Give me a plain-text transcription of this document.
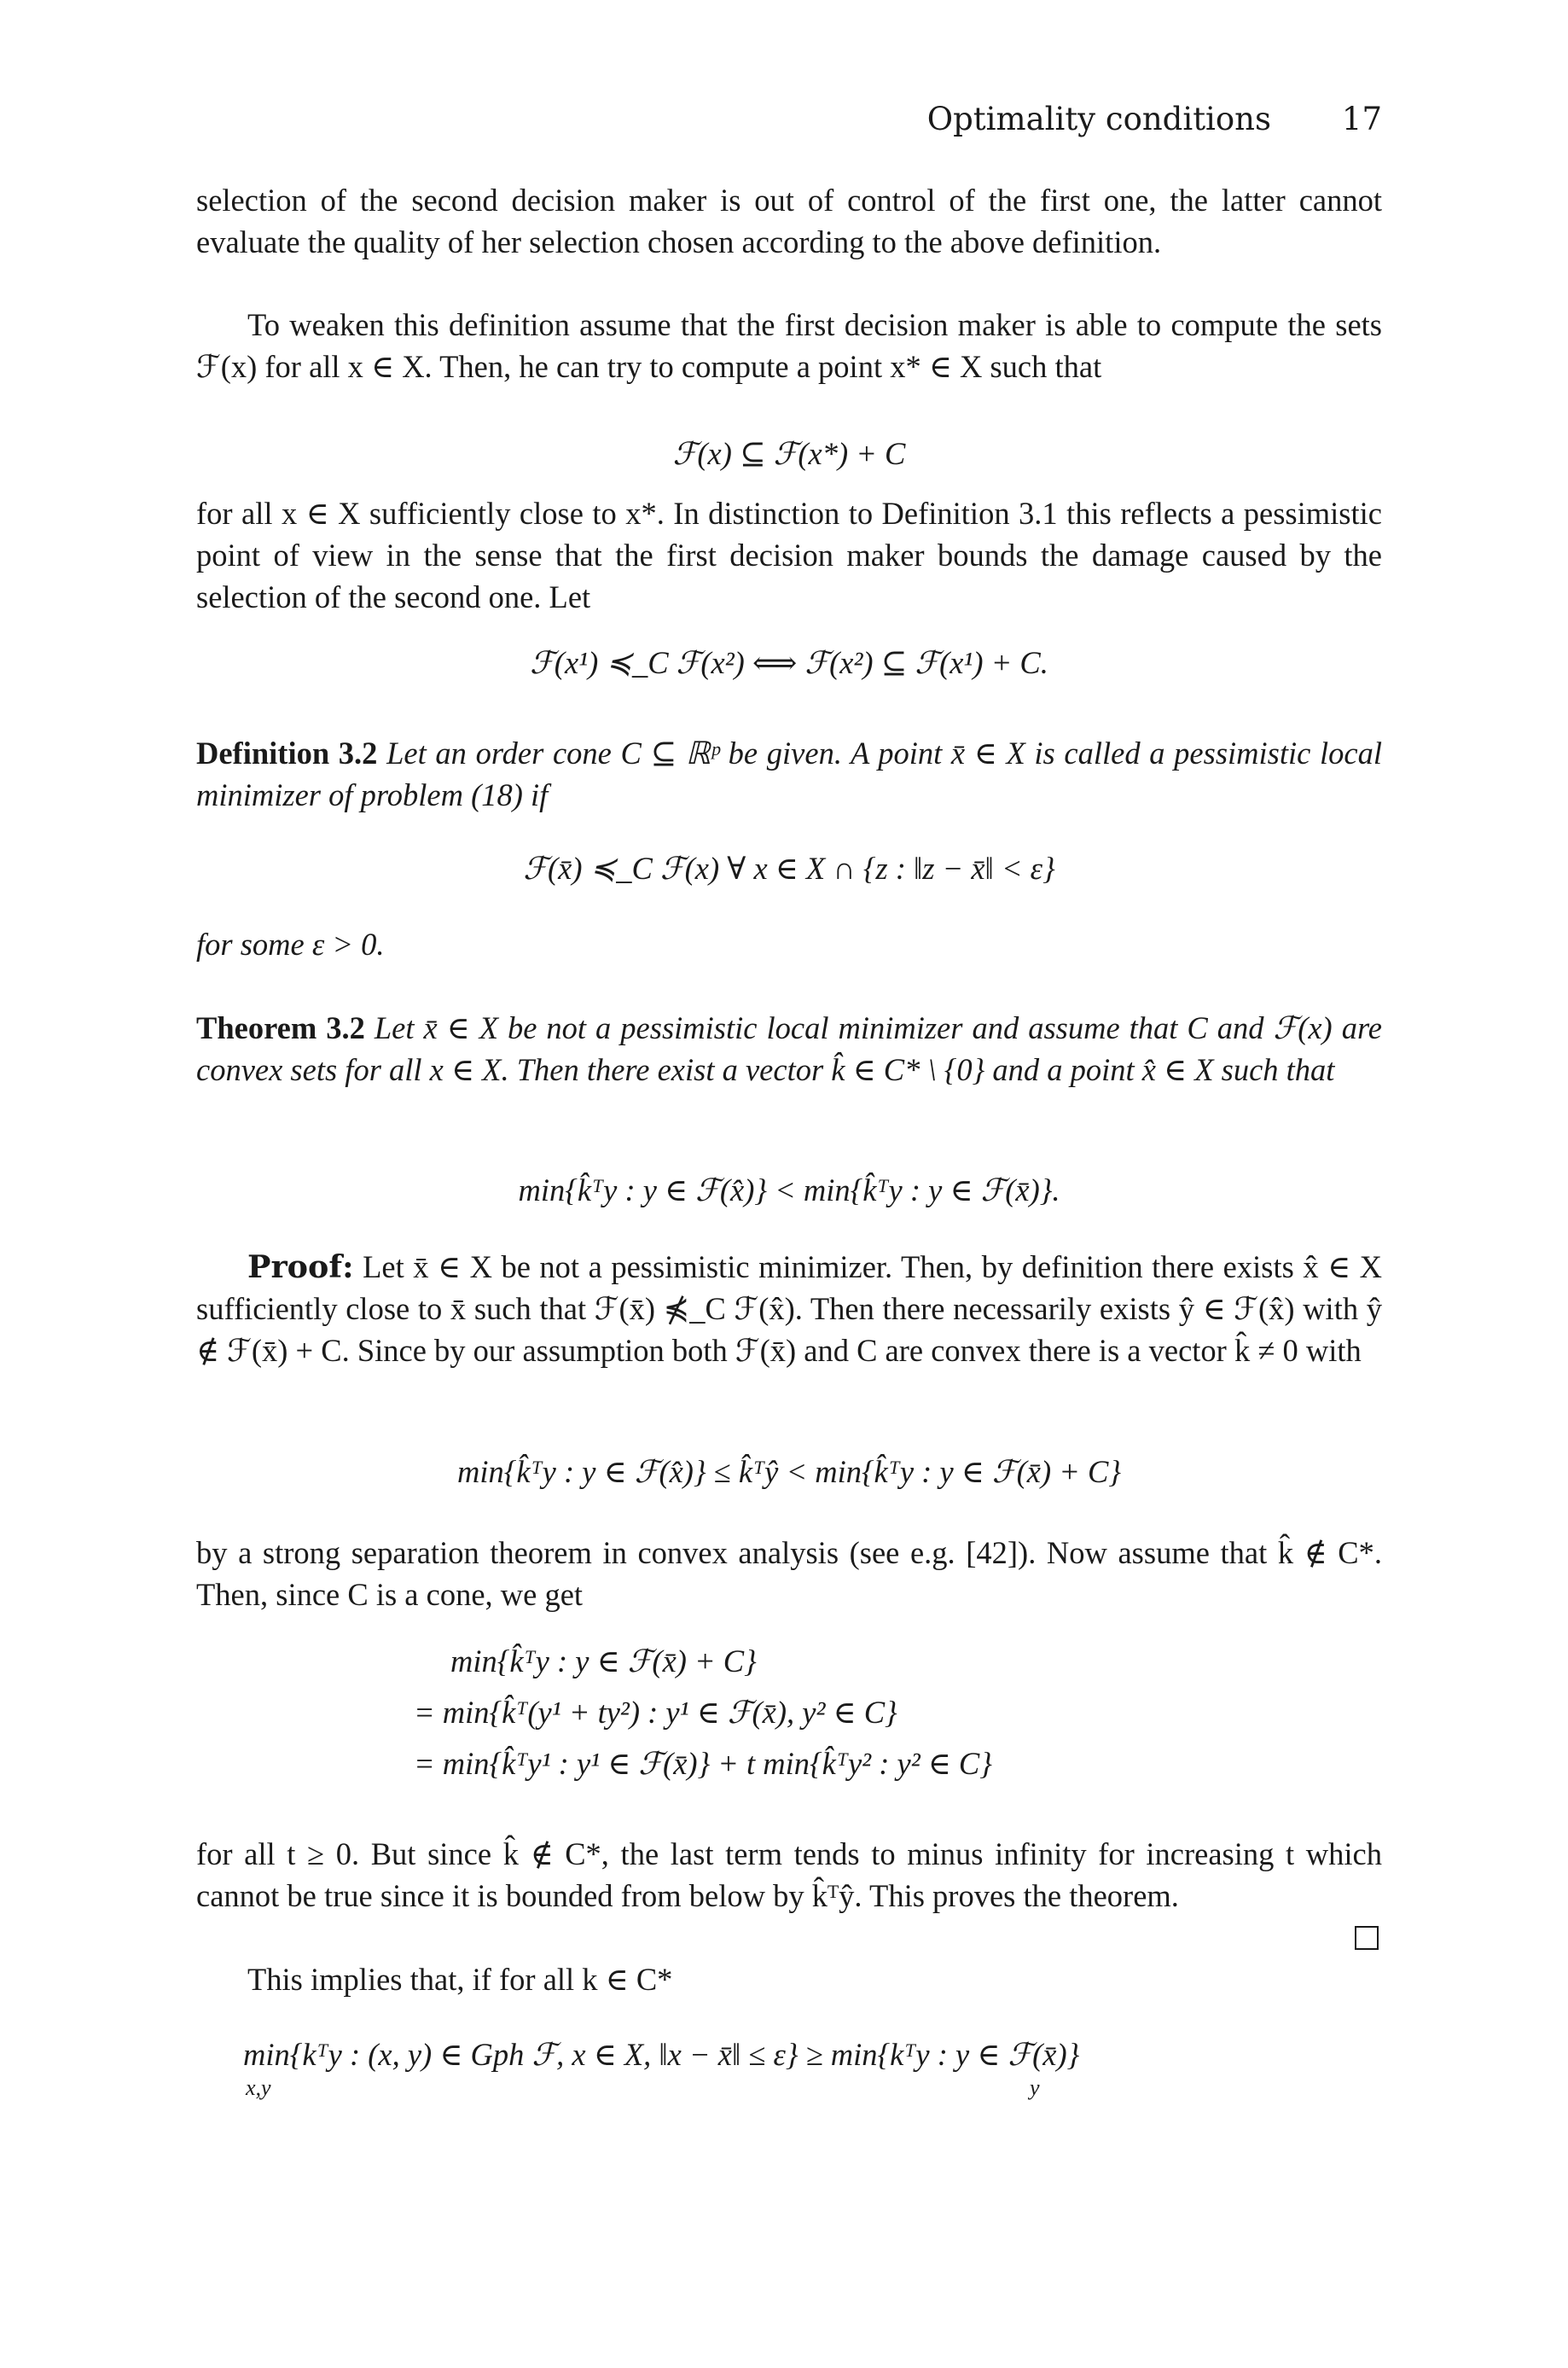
Optimality conditions 17

selection of the second decision maker is out of control of the first one, the latter cannot evaluate the quality of her selection chosen according to the above definition.

To weaken this definition assume that the first decision maker is able to compute the sets ℱ(x) for all x ∈ X. Then, he can try to compute a point x* ∈ X such that

ℱ(x) ⊆ ℱ(x*) + C

for all x ∈ X sufficiently close to x*. In distinction to Definition 3.1 this reflects a pessimistic point of view in the sense that the first decision maker bounds the damage caused by the selection of the second one. Let

ℱ(x¹) ≼_C ℱ(x²) ⟺ ℱ(x²) ⊆ ℱ(x¹) + C.

Definition 3.2 Let an order cone C ⊆ ℝᵖ be given. A point x̄ ∈ X is called a pessimistic local minimizer of problem (18) if

ℱ(x̄) ≼_C ℱ(x) ∀ x ∈ X ∩ {z : ‖z − x̄‖ < ε}

for some ε > 0.

Theorem 3.2 Let x̄ ∈ X be not a pessimistic local minimizer and assume that C and ℱ(x) are convex sets for all x ∈ X. Then there exist a vector k̂ ∈ C* \ {0} and a point x̂ ∈ X such that

min{k̂ᵀy : y ∈ ℱ(x̂)} < min{k̂ᵀy : y ∈ ℱ(x̄)}.

Proof: Let x̄ ∈ X be not a pessimistic minimizer. Then, by definition there exists x̂ ∈ X sufficiently close to x̄ such that ℱ(x̄) ⋠_C ℱ(x̂). Then there necessarily exists ŷ ∈ ℱ(x̂) with ŷ ∉ ℱ(x̄) + C. Since by our assumption both ℱ(x̄) and C are convex there is a vector k̂ ≠ 0 with

min{k̂ᵀy : y ∈ ℱ(x̂)} ≤ k̂ᵀŷ < min{k̂ᵀy : y ∈ ℱ(x̄) + C}

by a strong separation theorem in convex analysis (see e.g. [42]). Now assume that k̂ ∉ C*. Then, since C is a cone, we get

min{k̂ᵀy : y ∈ ℱ(x̄) + C}

= min{k̂ᵀ(y¹ + ty²) : y¹ ∈ ℱ(x̄), y² ∈ C}

= min{k̂ᵀy¹ : y¹ ∈ ℱ(x̄)} + t min{k̂ᵀy² : y² ∈ C}

for all t ≥ 0. But since k̂ ∉ C*, the last term tends to minus infinity for increasing t which cannot be true since it is bounded from below by k̂ᵀŷ. This proves the theorem.

This implies that, if for all k ∈ C*

min{kᵀy : (x, y) ∈ Gph ℱ, x ∈ X, ‖x − x̄‖ ≤ ε} ≥ min{kᵀy : y ∈ ℱ(x̄)}

x,y	y
